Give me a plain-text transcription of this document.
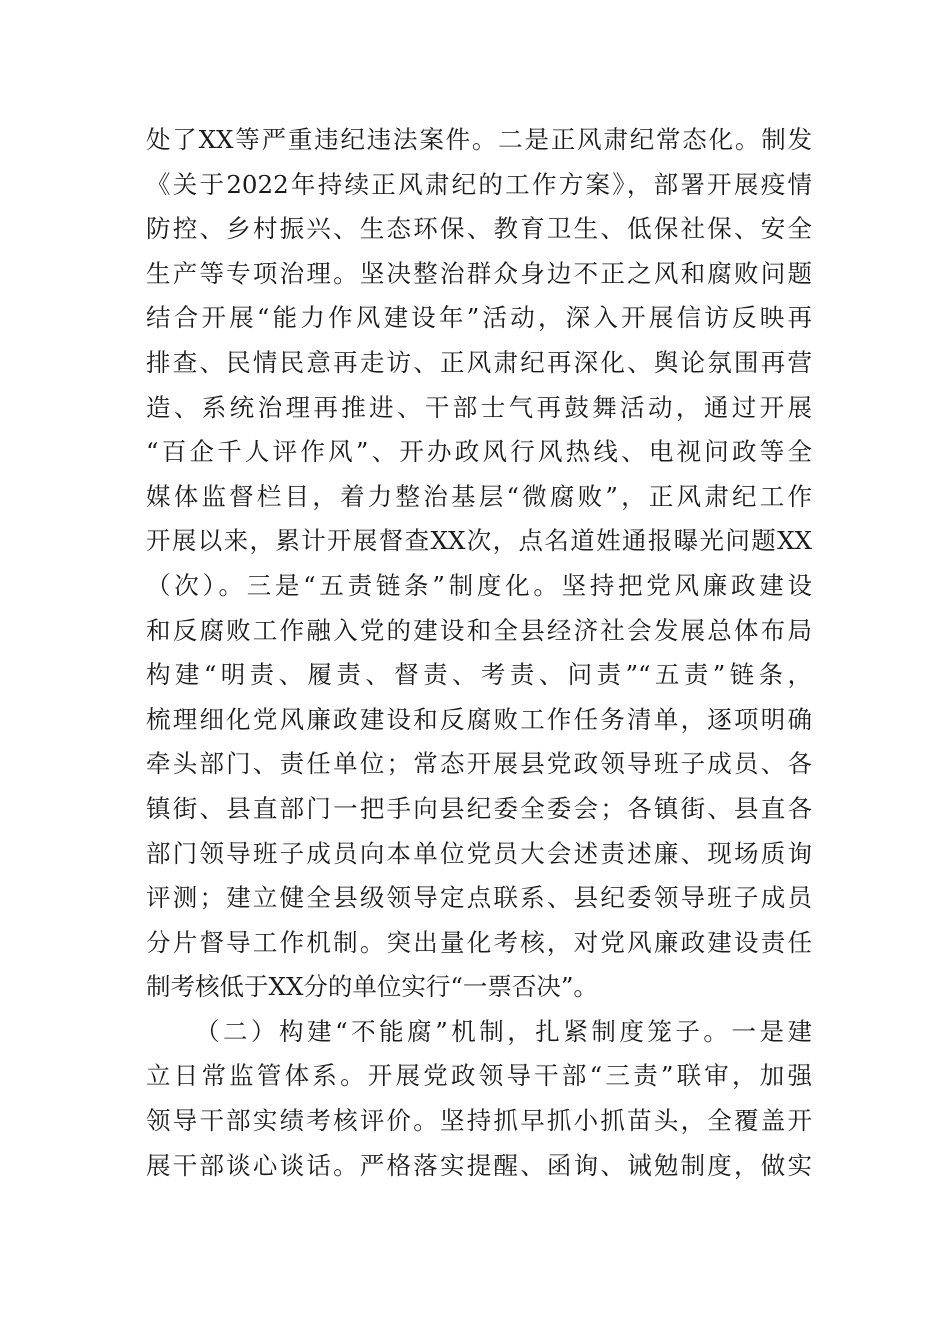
处了XX等严重违纪违法案件。二是正风肃纪常态化。制发
《关于2022年持续正风肃纪的工作方案》，部署开展疫情
防控、乡村振兴、生态环保、教育卫生、低保社保、安全
生产等专项治理。坚决整治群众身边不正之风和腐败问题
结合开展“能力作风建设年”活动，深入开展信访反映再
排查、民情民意再走访、正风肃纪再深化、舆论氛围再营
造、系统治理再推进、干部士气再鼓舞活动，通过开展
“百企千人评作风”、开办政风行风热线、电视问政等全
媒体监督栏目，着力整治基层“微腐败”，正风肃纪工作
开展以来，累计开展督查XX次，点名道姓通报曝光问题XX
（次）。三是“五责链条”制度化。坚持把党风廉政建设
和反腐败工作融入党的建设和全县经济社会发展总体布局
构建“明责、履责、督责、考责、问责”“五责”链条，
梳理细化党风廉政建设和反腐败工作任务清单，逐项明确
牵头部门、责任单位；常态开展县党政领导班子成员、各
镇街、县直部门一把手向县纪委全委会；各镇街、县直各
部门领导班子成员向本单位党员大会述责述廉、现场质询
评测；建立健全县级领导定点联系、县纪委领导班子成员
分片督导工作机制。突出量化考核，对党风廉政建设责任
制考核低于XX分的单位实行“一票否决”。
（二）构建“不能腐”机制，扎紧制度笼子。一是建
立日常监管体系。开展党政领导干部“三责”联审，加强
领导干部实绩考核评价。坚持抓早抓小抓苗头，全覆盖开
展干部谈心谈话。严格落实提醒、函询、诫勉制度，做实
